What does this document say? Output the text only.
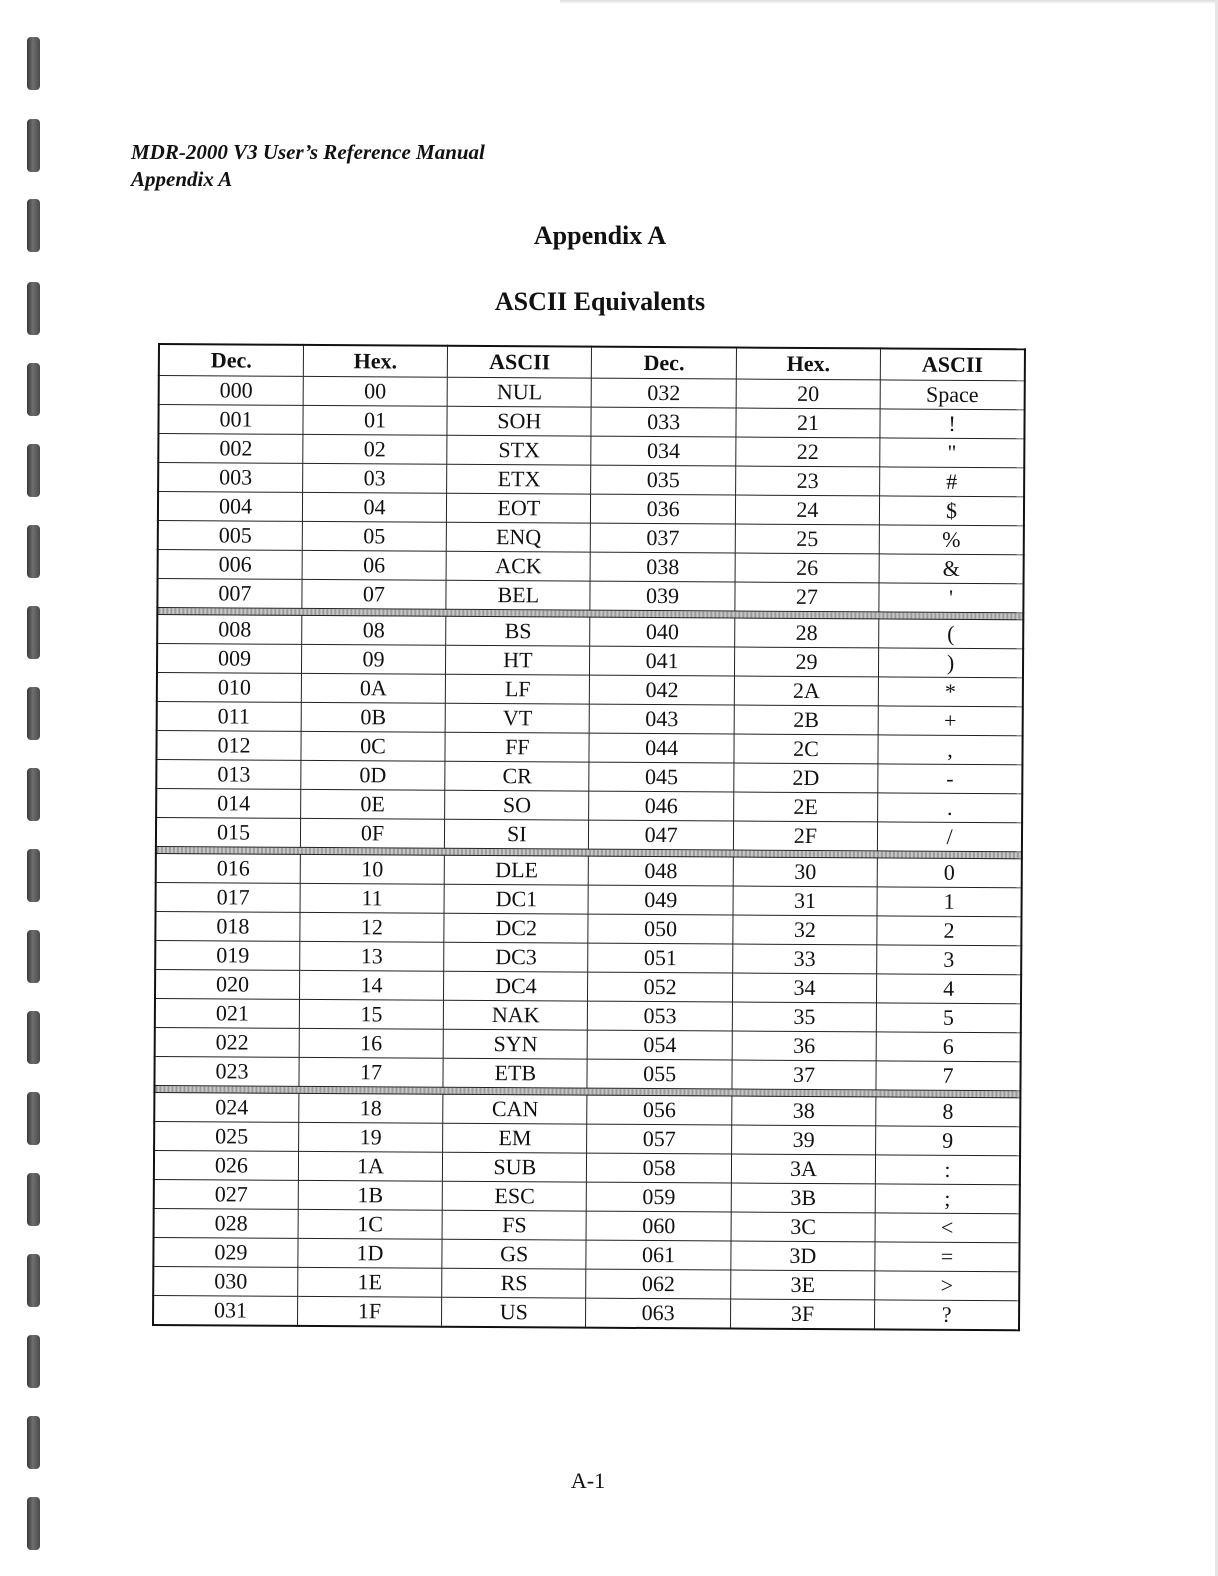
MDR-2000 V3 User’s Reference Manual
Appendix A
Appendix A
ASCII Equivalents
Dec.	Hex.	ASCII	Dec.	Hex.	ASCII
000	00	NUL	032	20	Space
001	01	SOH	033	21	!
002	02	STX	034	22	"
003	03	ETX	035	23	#
004	04	EOT	036	24	$
005	05	ENQ	037	25	%
006	06	ACK	038	26	&
007	07	BEL	039	27	'

008	08	BS	040	28	(
009	09	HT	041	29	)
010	0A	LF	042	2A	*
011	0B	VT	043	2B	+
012	0C	FF	044	2C	,
013	0D	CR	045	2D	-
014	0E	SO	046	2E	.
015	0F	SI	047	2F	/

016	10	DLE	048	30	0
017	11	DC1	049	31	1
018	12	DC2	050	32	2
019	13	DC3	051	33	3
020	14	DC4	052	34	4
021	15	NAK	053	35	5
022	16	SYN	054	36	6
023	17	ETB	055	37	7

024	18	CAN	056	38	8
025	19	EM	057	39	9
026	1A	SUB	058	3A	:
027	1B	ESC	059	3B	;
028	1C	FS	060	3C	<
029	1D	GS	061	3D	=
030	1E	RS	062	3E	>
031	1F	US	063	3F	?
A-1
